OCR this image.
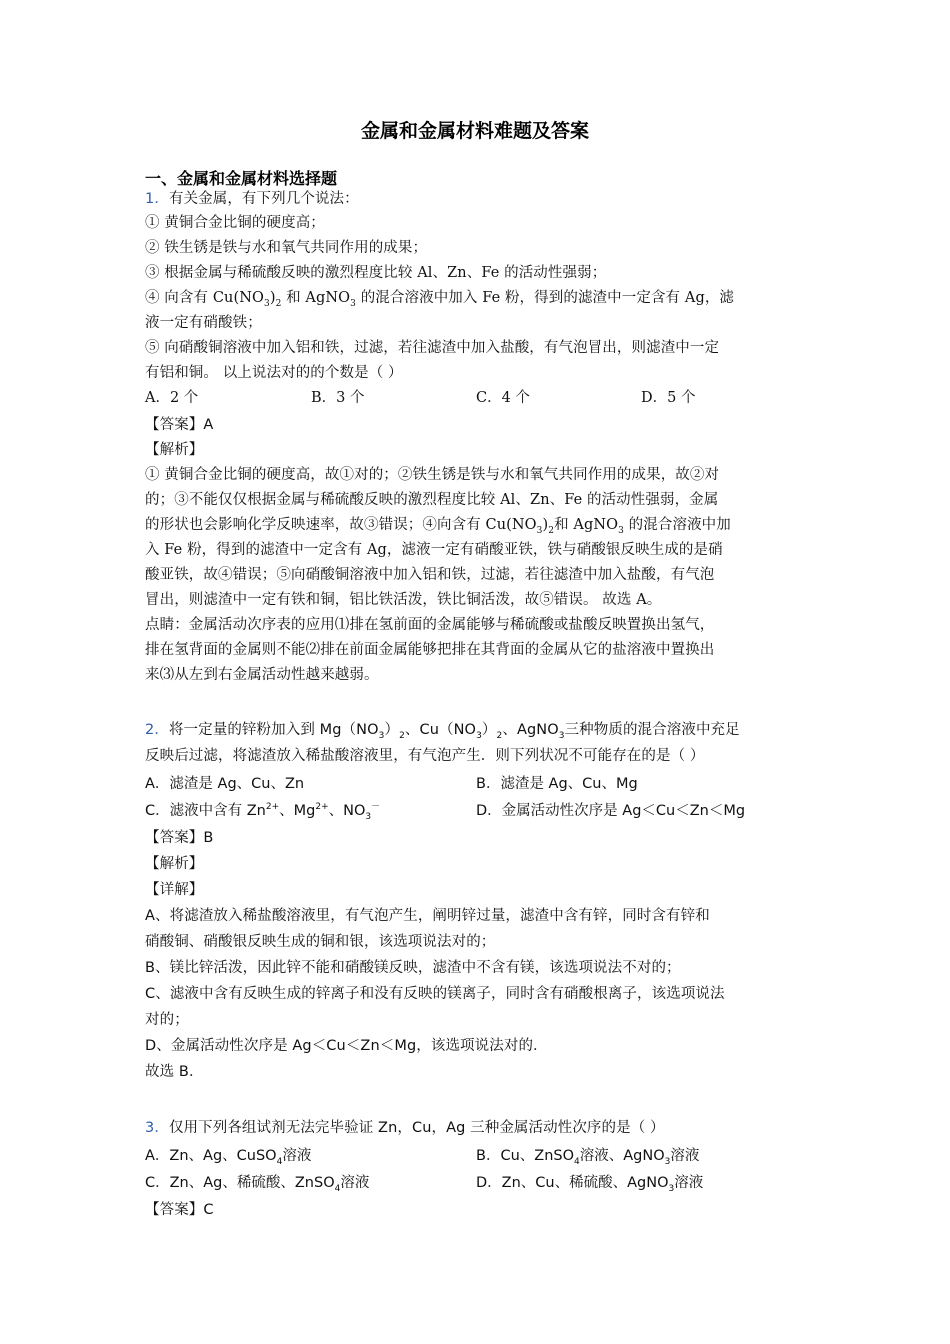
金属和金属材料难题及答案
一、金属和金属材料选择题
1．有关金属，有下列几个说法：
① 黄铜合金比铜的硬度高；
② 铁生锈是铁与水和氧气共同作用的成果；
③ 根据金属与稀硫酸反映的激烈程度比较 Al、Zn、Fe 的活动性强弱；
④ 向含有 $Cu(NO_3)_2$ 和 AgNO$_3$ 的混合溶液中加入 Fe 粉，得到的滤渣中一定含有 Ag，滤
液一定有硝酸铁；
⑤ 向硝酸铜溶液中加入铝和铁，过滤，若往滤渣中加入盐酸，有气泡冒出，则滤渣中一定
有铝和铜。 以上说法对的的个数是（ ）
A．2 个	B．3 个	C．4 个	D．5 个
【答案】A
【解析】
① 黄铜合金比铜的硬度高，故①对的；②铁生锈是铁与水和氧气共同作用的成果，故②对
的；③不能仅仅根据金属与稀硫酸反映的激烈程度比较 Al、Zn、Fe 的活动性强弱，金属
的形状也会影响化学反映速率，故③错误；④向含有 $Cu(NO_3)_2$和 AgNO$_3$ 的混合溶液中加
入 Fe 粉，得到的滤渣中一定含有 Ag，滤液一定有硝酸亚铁，铁与硝酸银反映生成的是硝
酸亚铁，故④错误；⑤向硝酸铜溶液中加入铝和铁，过滤，若往滤渣中加入盐酸，有气泡
冒出，则滤渣中一定有铁和铜，铝比铁活泼，铁比铜活泼，故⑤错误。 故选 A。
点睛：金属活动次序表的应用⑴排在氢前面的金属能够与稀硫酸或盐酸反映置换出氢气，
排在氢背面的金属则不能⑵排在前面金属能够把排在其背面的金属从它的盐溶液中置换出
来⑶从左到右金属活动性越来越弱。
2．将一定量的锌粉加入到 $Mg(NO_3)_2$、$Cu(NO_3)_2$、AgNO$_3$三种物质的混合溶液中充足
反映后过滤，将滤渣放入稀盐酸溶液里，有气泡产生．则下列状况不可能存在的是（ ）
A．滤渣是 Ag、Cu、Zn	B．滤渣是 Ag、Cu、Mg
C．滤液中含有 $Zn^{2+}$、$Mg^{2+}$、$NO_3^-$	D．金属活动性次序是 Ag＜Cu＜Zn＜Mg
【答案】B
【解析】
【详解】
A、将滤渣放入稀盐酸溶液里，有气泡产生，阐明锌过量，滤渣中含有锌，同时含有锌和
硝酸铜、硝酸银反映生成的铜和银，该选项说法对的；
B、镁比锌活泼，因此锌不能和硝酸镁反映，滤渣中不含有镁，该选项说法不对的；
C、滤液中含有反映生成的锌离子和没有反映的镁离子，同时含有硝酸根离子，该选项说法
对的；
D、金属活动性次序是 Ag＜Cu＜Zn＜Mg，该选项说法对的．
故选 B．
3．仅用下列各组试剂无法完毕验证 Zn，Cu，Ag 三种金属活动性次序的是（ ）
A．Zn、Ag、CuSO$_4$溶液	B．Cu、ZnSO$_4$溶液、AgNO$_3$溶液
C．Zn、Ag、稀硫酸、ZnSO$_4$溶液	D．Zn、Cu、稀硫酸、AgNO$_3$溶液
【答案】C
